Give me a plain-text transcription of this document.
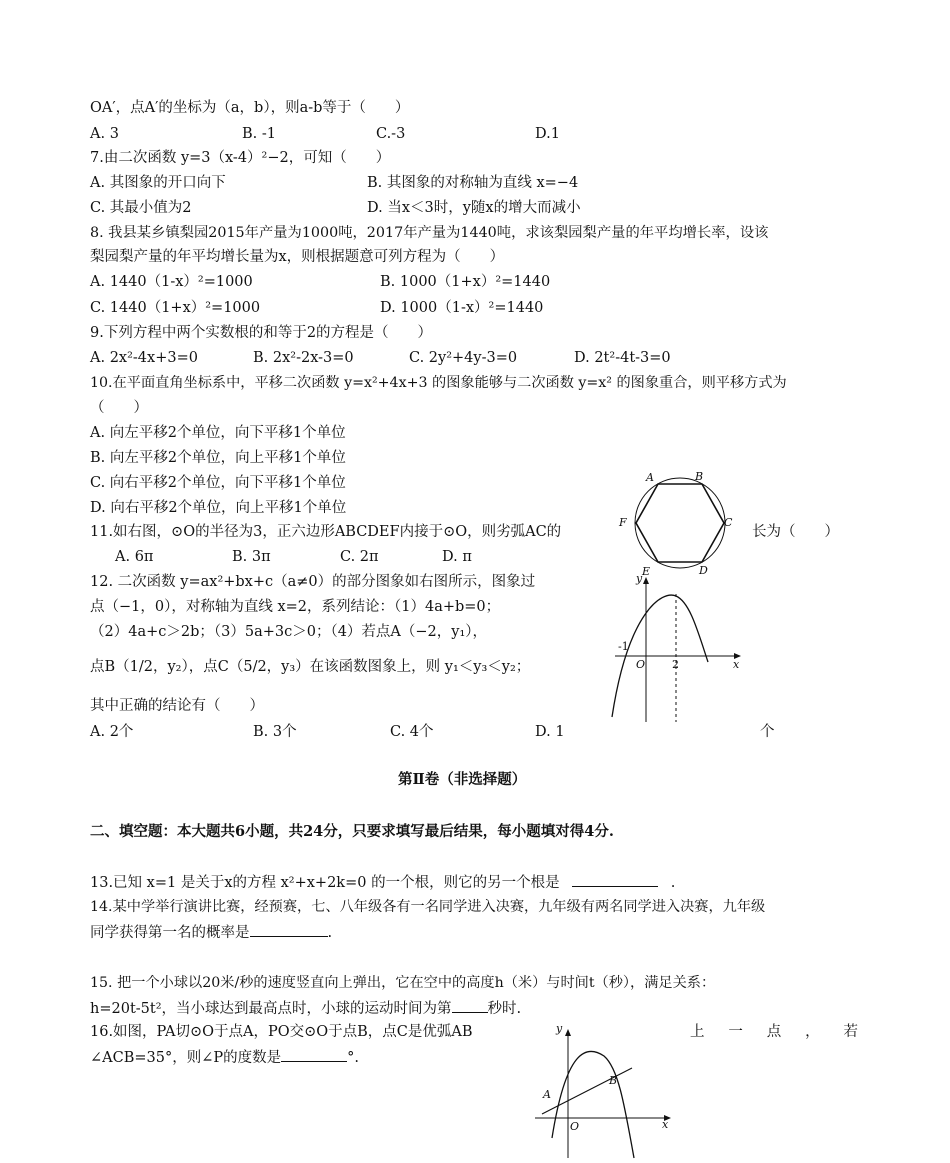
OA′，点A′的坐标为（a，b），则a-b等于（　　）
A. 3	B. -1	C.-3	D.1
7.由二次函数 y=3（x-4）²−2，可知（　　）
A. 其图象的开口向下	B. 其图象的对称轴为直线 x=−4
C. 其最小值为2	D. 当x＜3时，y随x的增大而减小
8. 我县某乡镇梨园2015年产量为1000吨，2017年产量为1440吨，求该梨园梨产量的年平均增长率，设该
梨园梨产量的年平均增长量为x，则根据题意可列方程为（　　）
A. 1440（1-x）²=1000	B. 1000（1+x）²=1440
C. 1440（1+x）²=1000	D. 1000（1-x）²=1440
9.下列方程中两个实数根的和等于2的方程是（　　）
A. 2x²-4x+3=0	B. 2x²-2x-3=0	C. 2y²+4y-3=0	D. 2t²-4t-3=0
10.在平面直角坐标系中，平移二次函数 y=x²+4x+3 的图象能够与二次函数 y=x² 的图象重合，则平移方式为
（　　）
A. 向左平移2个单位，向下平移1个单位
B. 向左平移2个单位，向上平移1个单位
C. 向右平移2个单位，向下平移1个单位
D. 向右平移2个单位，向上平移1个单位
11.如右图，⊙O的半径为3，正六边形ABCDEF内接于⊙O，则劣弧AC的	长为（　　）
A. 6π	B. 3π	C. 2π	D. π
A	B
C
D
E
F
12. 二次函数 y=ax²+bx+c（a≠0）的部分图象如右图所示，图象过
点（−1，0），对称轴为直线 x=2，系列结论：（1）4a+b=0；
（2）4a+c＞2b；（3）5a+3c＞0；（4）若点A（−2，y₁），
点B（1/2，y₂），点C（5/2，y₃）在该函数图象上，则 y₁＜y₃＜y₂；
其中正确的结论有（　　）
A. 2个	B. 3个	C. 4个	D. 1	个
y
x
O
-1
2
第Ⅱ卷（非选择题）
二、填空题：本大题共6小题，共24分，只要求填写最后结果，每小题填对得4分.
13.已知 x=1 是关于x的方程 x²+x+2k=0 的一个根，则它的另一个根是	.
14.某中学举行演讲比赛，经预赛，七、八年级各有一名同学进入决赛，九年级有两名同学进入决赛，九年级
同学获得第一名的概率是	.
15. 把一个小球以20米/秒的速度竖直向上弹出，它在空中的高度h（米）与时间t（秒），满足关系：
h=20t-5t²，当小球达到最高点时，小球的运动时间为第 秒时.
16.如图，PA切⊙O于点A，PO交⊙O于点B，点C是优弧AB	上 一 点 ， 若
∠ACB=35°，则∠P的度数是	°.
y
x
O
A
B
